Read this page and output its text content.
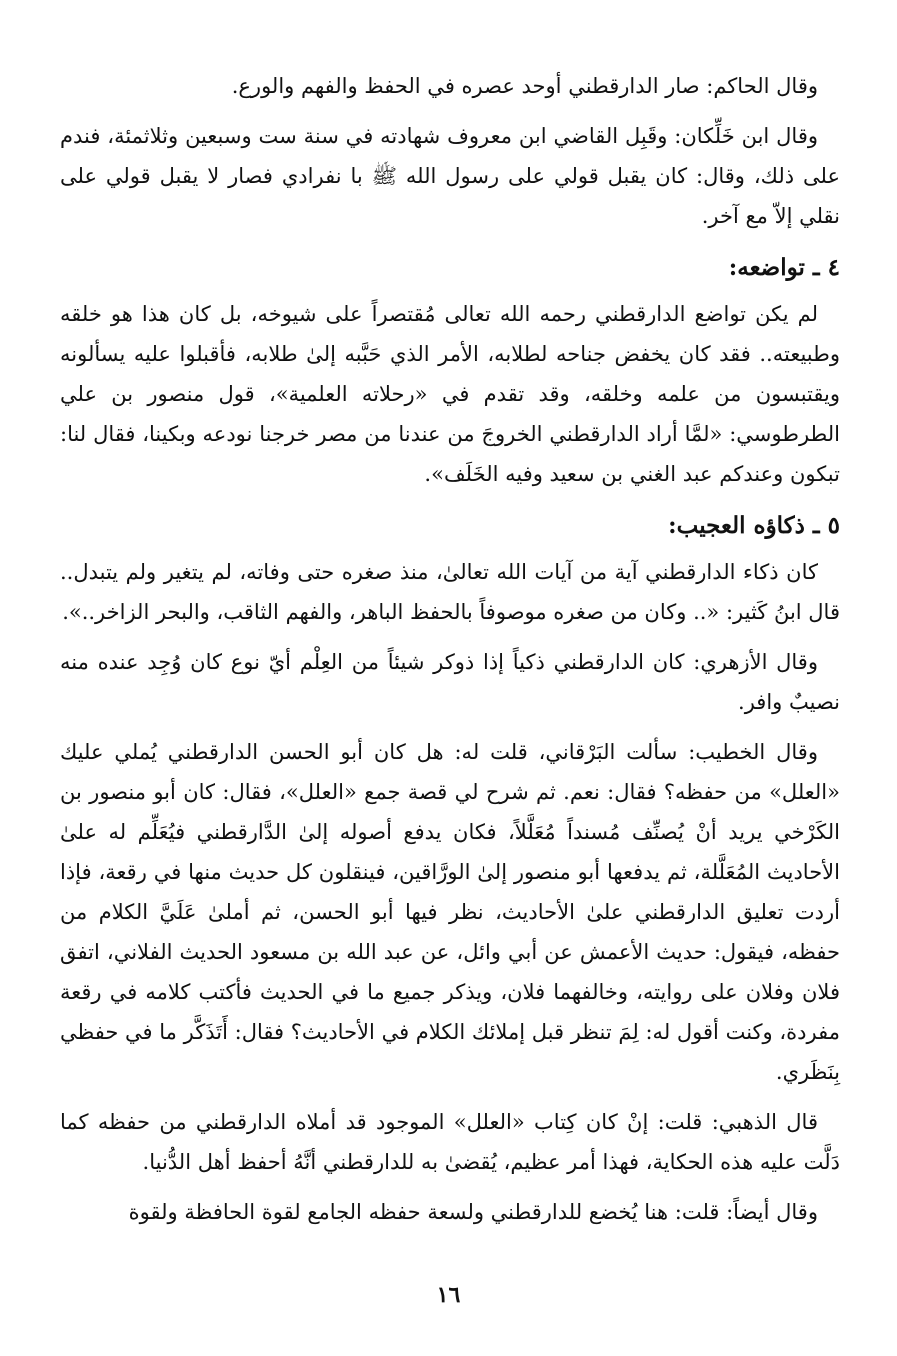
وقال الحاكم: صار الدارقطني أوحد عصره في الحفظ والفهم والورع.

وقال ابن خَلِّكان: وقَبِل القاضي ابن معروف شهادته في سنة ست وسبعين وثلاثمئة، فندم على ذلك، وقال: كان يقبل قولي على رسول الله ﷺ با نفرادي فصار لا يقبل قولي على نقلي إلاّ مع آخر.

٤ ـ تواضعه:

لم يكن تواضع الدارقطني رحمه الله تعالى مُقتصراً على شيوخه، بل كان هذا هو خلقه وطبيعته.. فقد كان يخفض جناحه لطلابه، الأمر الذي حَبَّبه إلىٰ طلابه، فأقبلوا عليه يسألونه ويقتبسون من علمه وخلقه، وقد تقدم في «رحلاته العلمية»، قول منصور بن علي الطرطوسي: «لمَّا أراد الدارقطني الخروجَ من عندنا من مصر خرجنا نودعه وبكينا، فقال لنا: تبكون وعندكم عبد الغني بن سعيد وفيه الخَلَف».

٥ ـ ذكاؤه العجيب:

كان ذكاء الدارقطني آية من آيات الله تعالىٰ، منذ صغره حتى وفاته، لم يتغير ولم يتبدل.. قال ابنُ كَثير: «.. وكان من صغره موصوفاً بالحفظ الباهر، والفهم الثاقب، والبحر الزاخر..».

وقال الأزهري: كان الدارقطني ذكياً إذا ذوكر شيئاً من العِلْم أيّ نوع كان وُجِد عنده منه نصيبٌ وافر.

وقال الخطيب: سألت البَرْقاني، قلت له: هل كان أبو الحسن الدارقطني يُملي عليك «العلل» من حفظه؟ فقال: نعم. ثم شرح لي قصة جمع «العلل»، فقال: كان أبو منصور بن الكَرْخي يريد أنْ يُصنِّف مُسنداً مُعَلَّلاً، فكان يدفع أصوله إلىٰ الدَّارقطني فيُعَلِّم له علىٰ الأحاديث المُعَلَّلة، ثم يدفعها أبو منصور إلىٰ الورَّاقين، فينقلون كل حديث منها في رقعة، فإذا أردت تعليق الدارقطني علىٰ الأحاديث، نظر فيها أبو الحسن، ثم أملىٰ عَلَيَّ الكلام من حفظه، فيقول: حديث الأعمش عن أبي وائل، عن عبد الله بن مسعود الحديث الفلاني، اتفق فلان وفلان على روايته، وخالفهما فلان، ويذكر جميع ما في الحديث فأكتب كلامه في رقعة مفردة، وكنت أقول له: لِمَ تنظر قبل إملائك الكلام في الأحاديث؟ فقال: أَتَذَكَّر ما في حفظي بِنَظَري.

قال الذهبي: قلت: إنْ كان كِتاب «العلل» الموجود قد أملاه الدارقطني من حفظه كما دَلَّت عليه هذه الحكاية، فهذا أمر عظيم، يُقضىٰ به للدارقطني أنَّهُ أحفظ أهل الدُّنيا.

وقال أيضاً: قلت: هنا يُخضع للدارقطني ولسعة حفظه الجامع لقوة الحافظة ولقوة

١٦
